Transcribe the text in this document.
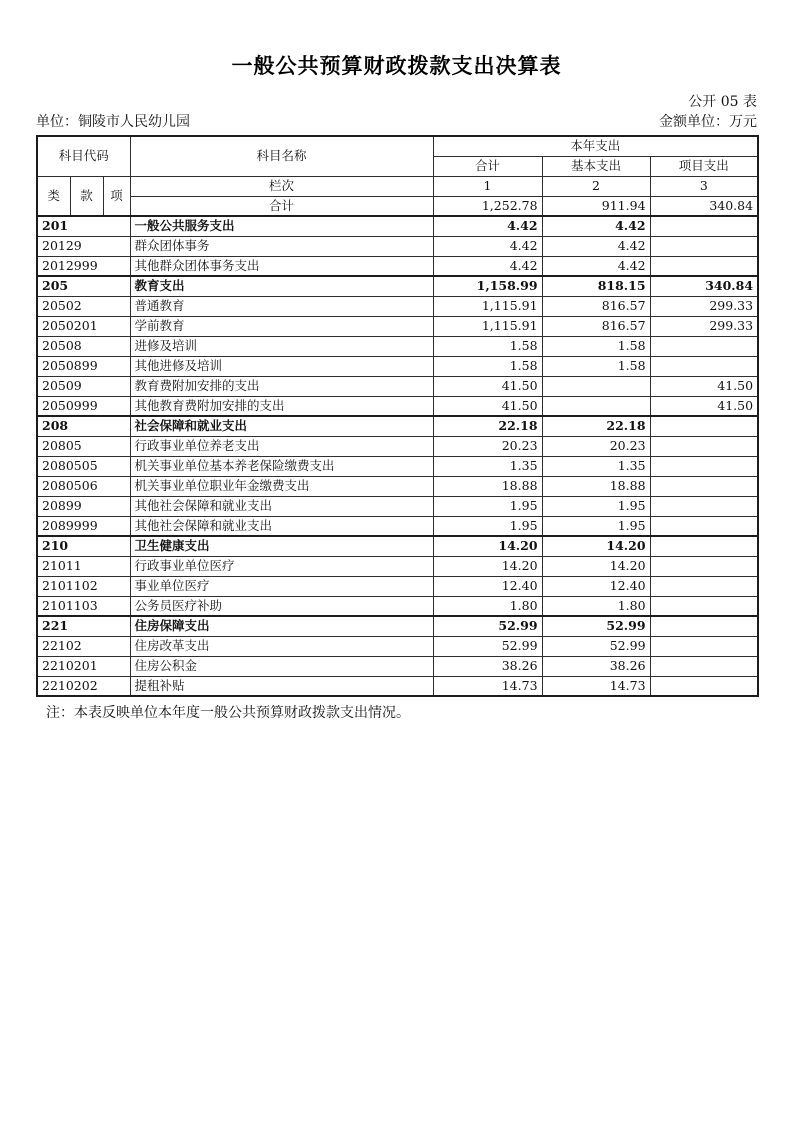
一般公共预算财政拨款支出决算表
公开 05 表
单位：铜陵市人民幼儿园	金额单位：万元
科目代码			科目名称	本年支出		
				合计	基本支出	项目支出
类	款	项	栏次	1	2	3
			合计	1,252.78	911.94	340.84
201			一般公共服务支出	4.42	4.42	
20129			群众团体事务	4.42	4.42	
2012999			其他群众团体事务支出	4.42	4.42	
205			教育支出	1,158.99	818.15	340.84
20502			普通教育	1,115.91	816.57	299.33
2050201			学前教育	1,115.91	816.57	299.33
20508			进修及培训	1.58	1.58	
2050899			其他进修及培训	1.58	1.58	
20509			教育费附加安排的支出	41.50		41.50
2050999			其他教育费附加安排的支出	41.50		41.50
208			社会保障和就业支出	22.18	22.18	
20805			行政事业单位养老支出	20.23	20.23	
2080505			机关事业单位基本养老保险缴费支出	1.35	1.35	
2080506			机关事业单位职业年金缴费支出	18.88	18.88	
20899			其他社会保障和就业支出	1.95	1.95	
2089999			其他社会保障和就业支出	1.95	1.95	
210			卫生健康支出	14.20	14.20	
21011			行政事业单位医疗	14.20	14.20	
2101102			事业单位医疗	12.40	12.40	
2101103			公务员医疗补助	1.80	1.80	
221			住房保障支出	52.99	52.99	
22102			住房改革支出	52.99	52.99	
2210201			住房公积金	38.26	38.26	
2210202			提租补贴	14.73	14.73	
注：本表反映单位本年度一般公共预算财政拨款支出情况。
